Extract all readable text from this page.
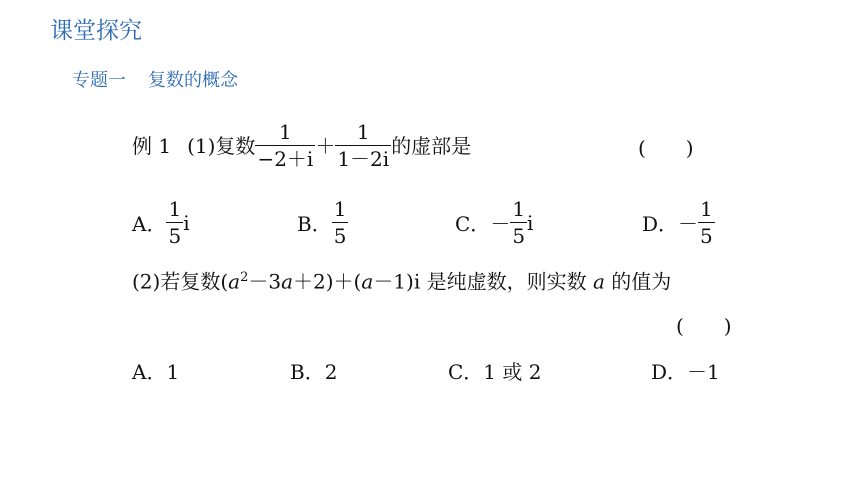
课堂探究
专题一 复数的概念
例 1 (1)复数 $\frac{1}{-2+i} + \frac{1}{1-2i}$ 的虚部是	(　　)
A． $\frac{1}{5}$ i	B． $\frac{1}{5}$	C． － $\frac{1}{5}$ i	D． － $\frac{1}{5}$
(2)若复数$(a^2-3a+2)+(a-1)i$ 是纯虚数，则实数 a 的值为
(　　)
A．1	B．2	C．1 或 2	D．－1
